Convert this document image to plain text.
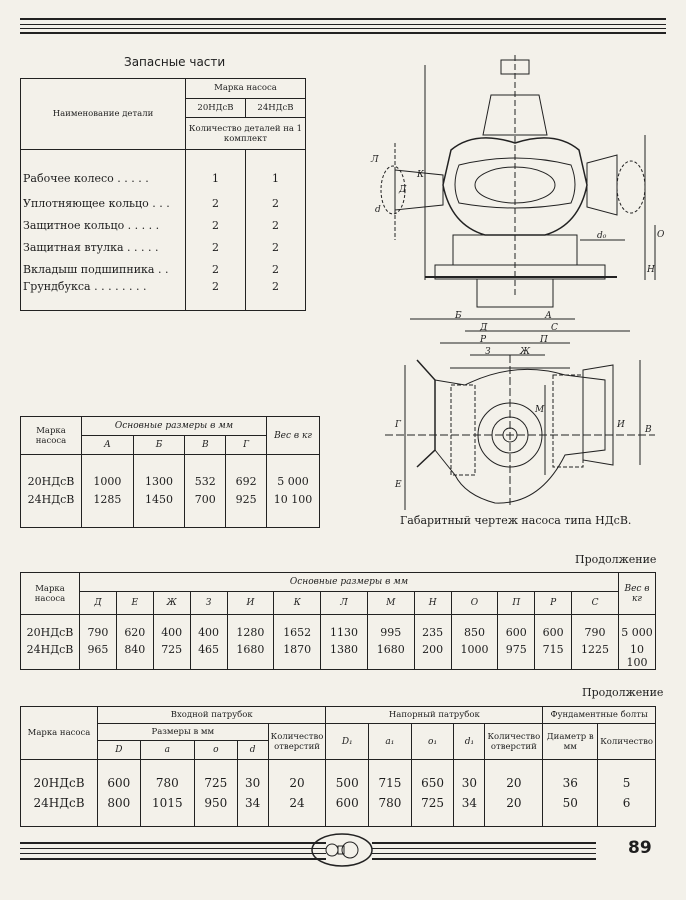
Запасные части
Наименование детали	Марка насоса	
	20НДсВ	24НДсВ
	Количество деталей на 1 комплект	
Рабочее колесо . . . . .	1	1
Уплотняющее кольцо . . .	2	2
Защитное кольцо . . . . .	2	2
Защитная втулка . . . . .	2	2
Вкладыш подшипника . .	2	2
Грундбукса . . . . . . . .	2	2
Марка насоса	Основные размеры в мм				Вес в кг
	А	Б	В	Г	
20НДсВ	1000	1300	532	692	5 000
24НДсВ	1285	1450	700	925	10 100
К
Н
О
Д
Л
d
d₀
Б	А
Д	С
Р	П
З	Ж
Г
Е
М
И В
Габаритный чертеж насоса типа НДсВ.
Продолжение
Марка насоса	Основные размеры в мм													Вес в кг
	Д	Е	Ж	З	И	К	Л	М	Н	О	П	Р	С	
20НДсВ	790	620	400	400	1280	1652	1130	995	235	850	600	600	790	5 000
24НДсВ	965	840	725	465	1680	1870	1380	1680	200	1000	975	715	1225	10 100
Продолжение
Марка насоса	Входной патрубок					Напорный патрубок					Фундаментные болты	
	Размеры в мм				Количество отверстий	D₁	a₁	o₁	d₁	Количество отверстий	Диаметр в мм	Количество
	D	a	o	d								
20НДсВ	600	780	725	30	20	500	715	650	30	20	36	5
24НДсВ	800	1015	950	34	24	600	780	725	34	20	50	6
89
